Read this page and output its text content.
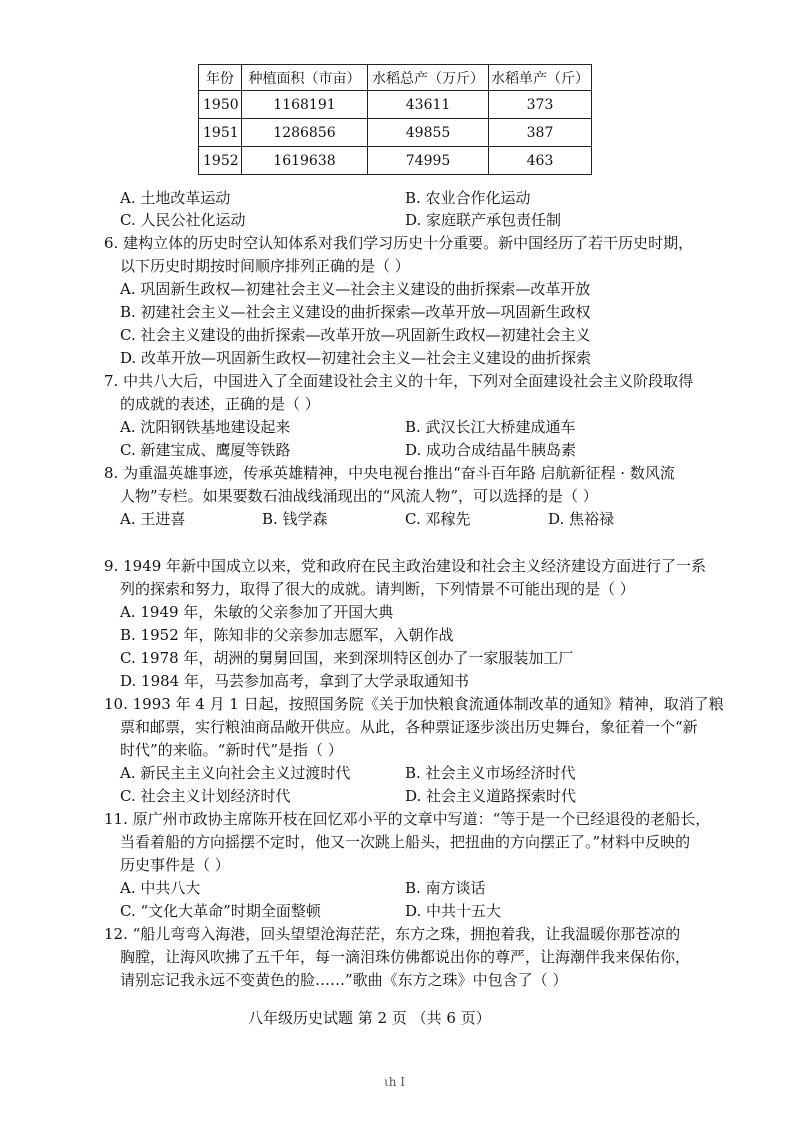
年份	种植面积（市亩）	水稻总产（万斤）	水稻单产（斤）
1950	1168191	43611	373
1951	1286856	49855	387
1952	1619638	74995	463
A. 土地改革运动	B. 农业合作化运动
C. 人民公社化运动	D. 家庭联产承包责任制
6. 建构立体的历史时空认知体系对我们学习历史十分重要。新中国经历了若干历史时期，
以下历史时期按时间顺序排列正确的是（ ）
A. 巩固新生政权—初建社会主义—社会主义建设的曲折探索—改革开放
B. 初建社会主义—社会主义建设的曲折探索—改革开放—巩固新生政权
C. 社会主义建设的曲折探索—改革开放—巩固新生政权—初建社会主义
D. 改革开放—巩固新生政权—初建社会主义—社会主义建设的曲折探索
7. 中共八大后，中国进入了全面建设社会主义的十年，下列对全面建设社会主义阶段取得
的成就的表述，正确的是（ ）
A. 沈阳钢铁基地建设起来	B. 武汉长江大桥建成通车
C. 新建宝成、鹰厦等铁路	D. 成功合成结晶牛胰岛素
8. 为重温英雄事迹，传承英雄精神，中央电视台推出“奋斗百年路 启航新征程 · 数风流
人物”专栏。如果要数石油战线涌现出的“风流人物”，可以选择的是（ ）
A. 王进喜	B. 钱学森	C. 邓稼先	D. 焦裕禄
9. 1949 年新中国成立以来，党和政府在民主政治建设和社会主义经济建设方面进行了一系
列的探索和努力，取得了很大的成就。请判断，下列情景不可能出现的是（ ）
A. 1949 年，朱敏的父亲参加了开国大典
B. 1952 年，陈知非的父亲参加志愿军，入朝作战
C. 1978 年，胡洲的舅舅回国，来到深圳特区创办了一家服装加工厂
D. 1984 年，马芸参加高考，拿到了大学录取通知书
10. 1993 年 4 月 1 日起，按照国务院《关于加快粮食流通体制改革的通知》精神，取消了粮
票和邮票，实行粮油商品敞开供应。从此，各种票证逐步淡出历史舞台，象征着一个“新
时代”的来临。“新时代”是指（ ）
A. 新民主主义向社会主义过渡时代	B. 社会主义市场经济时代
C. 社会主义计划经济时代	D. 社会主义道路探索时代
11. 原广州市政协主席陈开枝在回忆邓小平的文章中写道：“等于是一个已经退役的老船长，
当看着船的方向摇摆不定时，他又一次跳上船头，把扭曲的方向摆正了。”材料中反映的
历史事件是（ ）
A. 中共八大	B. 南方谈话
C. “文化大革命”时期全面整顿	D. 中共十五大
12. “船儿弯弯入海港，回头望望沧海茫茫，东方之珠，拥抱着我，让我温暖你那苍凉的
胸膛，让海风吹拂了五千年，每一滴泪珠仿佛都说出你的尊严，让海潮伴我来保佑你，
请别忘记我永远不变黄色的脸……”歌曲《东方之珠》中包含了（ ）
八年级历史试题 第 2 页 （共 6 页）
ιh I
